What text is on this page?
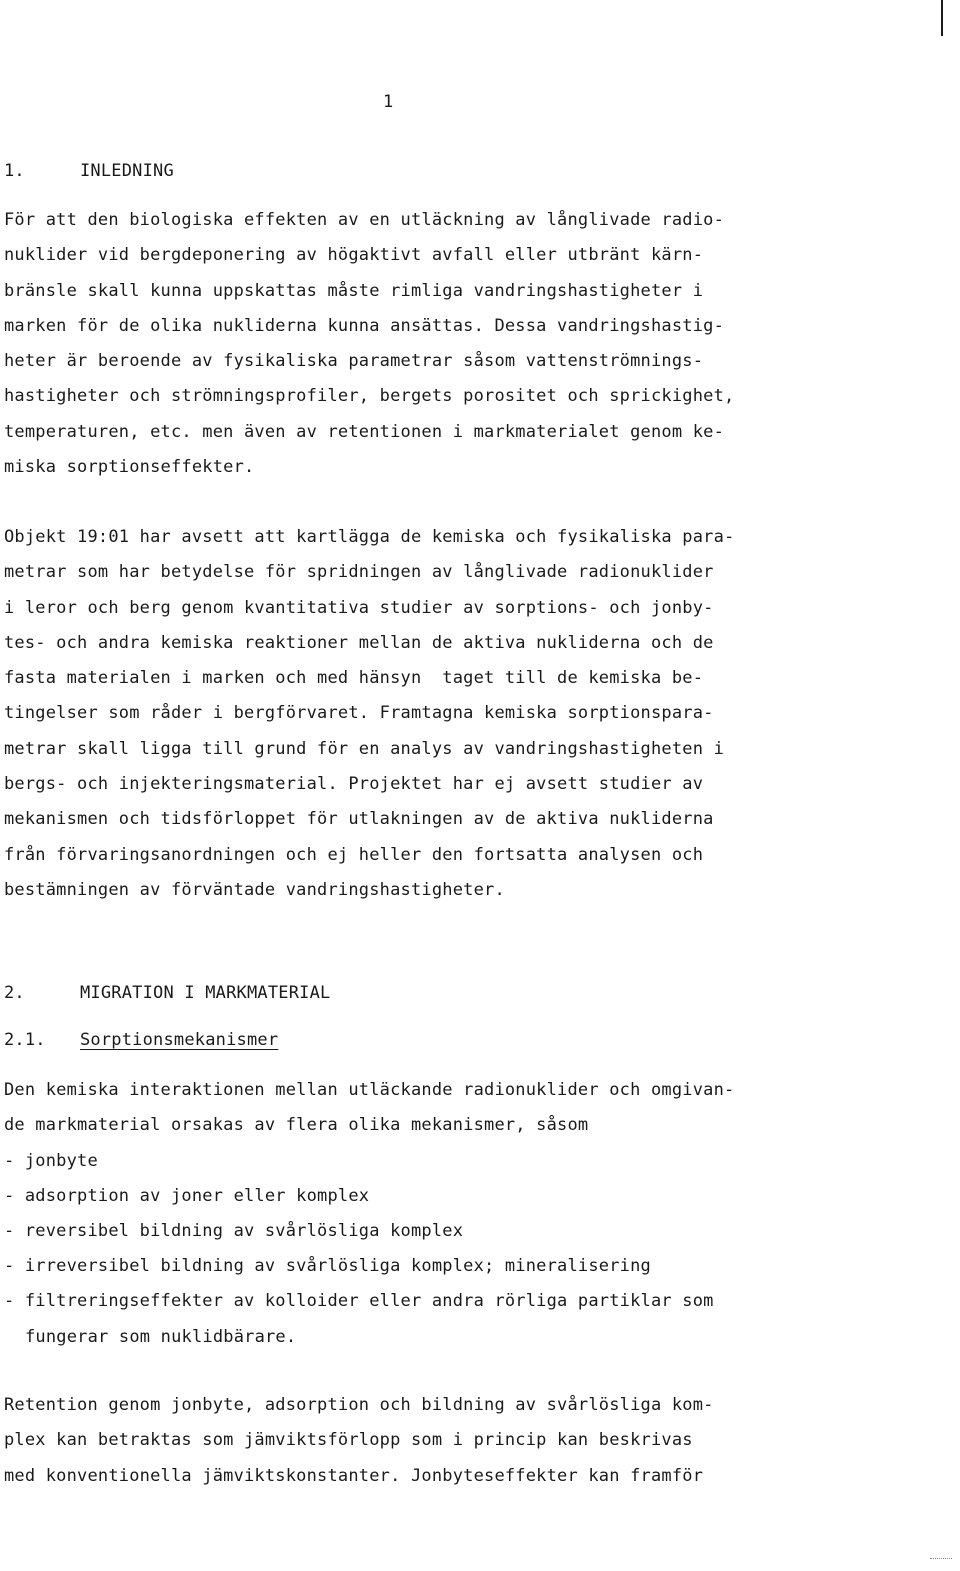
1
1.	INLEDNING
För att den biologiska effekten av en utläckning av långlivade radio-
nuklider vid bergdeponering av högaktivt avfall eller utbränt kärn-
bränsle skall kunna uppskattas måste rimliga vandringshastigheter i
marken för de olika nukliderna kunna ansättas. Dessa vandringshastig-
heter är beroende av fysikaliska parametrar såsom vattenströmnings-
hastigheter och strömningsprofiler, bergets porositet och sprickighet,
temperaturen, etc. men även av retentionen i markmaterialet genom ke-
miska sorptionseffekter.
Objekt 19:01 har avsett att kartlägga de kemiska och fysikaliska para-
metrar som har betydelse för spridningen av långlivade radionuklider
i leror och berg genom kvantitativa studier av sorptions- och jonby-
tes- och andra kemiska reaktioner mellan de aktiva nukliderna och de
fasta materialen i marken och med hänsyn  taget till de kemiska be-
tingelser som råder i bergförvaret. Framtagna kemiska sorptionspara-
metrar skall ligga till grund för en analys av vandringshastigheten i
bergs- och injekteringsmaterial. Projektet har ej avsett studier av
mekanismen och tidsförloppet för utlakningen av de aktiva nukliderna
från förvaringsanordningen och ej heller den fortsatta analysen och
bestämningen av förväntade vandringshastigheter.
2.	MIGRATION I MARKMATERIAL
2.1. Sorptionsmekanismer
Den kemiska interaktionen mellan utläckande radionuklider och omgivan-
de markmaterial orsakas av flera olika mekanismer, såsom
- jonbyte
- adsorption av joner eller komplex
- reversibel bildning av svårlösliga komplex
- irreversibel bildning av svårlösliga komplex; mineralisering
- filtreringseffekter av kolloider eller andra rörliga partiklar som
fungerar som nuklidbärare.
Retention genom jonbyte, adsorption och bildning av svårlösliga kom-
plex kan betraktas som jämviktsförlopp som i princip kan beskrivas
med konventionella jämviktskonstanter. Jonbyteseffekter kan framför
